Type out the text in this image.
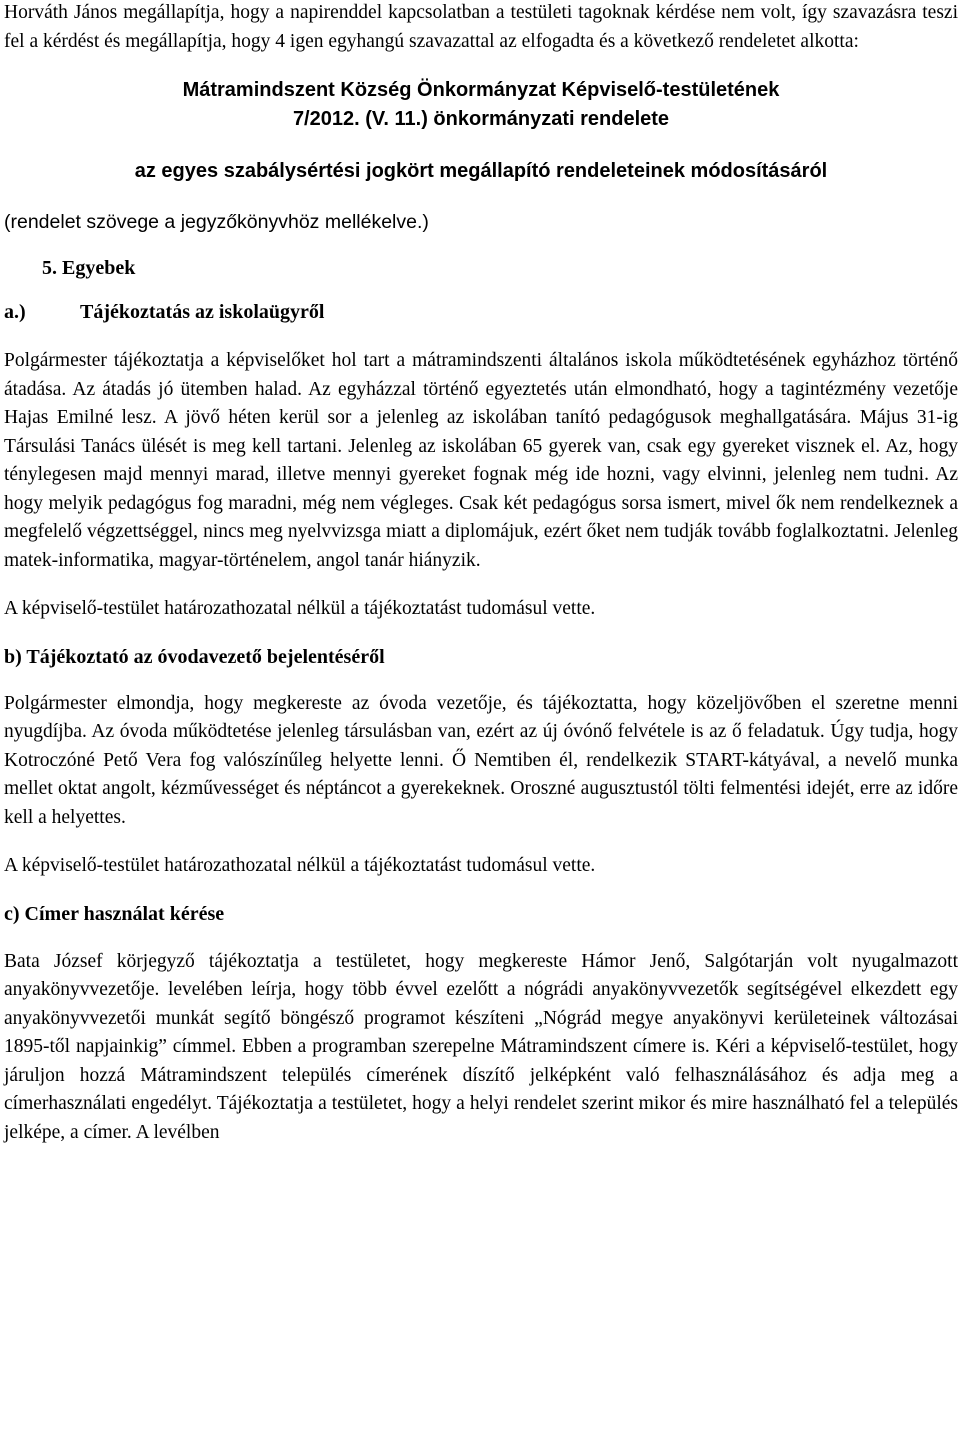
Horváth János megállapítja, hogy a napirenddel kapcsolatban a testületi tagoknak kérdése nem volt, így szavazásra teszi fel a kérdést és megállapítja, hogy 4 igen egyhangú szavazattal az elfogadta és a következő rendeletet alkotta:

Mátramindszent Község Önkormányzat Képviselő-testületének

7/2012. (V. 11.) önkormányzati rendelete

az egyes szabálysértési jogkört megállapító rendeleteinek módosításáról

(rendelet szövege a jegyzőkönyvhöz mellékelve.)

5. Egyebek

a.)	Tájékoztatás az iskolaügyről

Polgármester tájékoztatja a képviselőket hol tart a mátramindszenti általános iskola működtetésének egyházhoz történő átadása. Az átadás jó ütemben halad. Az egyházzal történő egyeztetés után elmondható, hogy a tagintézmény vezetője Hajas Emilné lesz. A jövő héten kerül sor a jelenleg az iskolában tanító pedagógusok meghallgatására. Május 31-ig Társulási Tanács ülését is meg kell tartani. Jelenleg az iskolában 65 gyerek van, csak egy gyereket visznek el. Az, hogy ténylegesen majd mennyi marad, illetve mennyi gyereket fognak még ide hozni, vagy elvinni, jelenleg nem tudni. Az hogy melyik pedagógus fog maradni, még nem végleges. Csak két pedagógus sorsa ismert, mivel ők nem rendelkeznek a megfelelő végzettséggel, nincs meg nyelvvizsga miatt a diplomájuk, ezért őket nem tudják tovább foglalkoztatni. Jelenleg matek-informatika, magyar-történelem, angol tanár hiányzik.

A képviselő-testület határozathozatal nélkül a tájékoztatást tudomásul vette.

b) Tájékoztató az óvodavezető bejelentéséről

Polgármester elmondja, hogy megkereste az óvoda vezetője, és tájékoztatta, hogy közeljövőben el szeretne menni nyugdíjba. Az óvoda működtetése jelenleg társulásban van, ezért az új óvónő felvétele is az ő feladatuk. Úgy tudja, hogy Kotroczóné Pető Vera fog valószínűleg helyette lenni. Ő Nemtiben él, rendelkezik START-kátyával, a nevelő munka mellet oktat angolt, kézművességet és néptáncot a gyerekeknek. Oroszné augusztustól tölti felmentési idejét, erre az időre kell a helyettes.

A képviselő-testület határozathozatal nélkül a tájékoztatást tudomásul vette.

c) Címer használat kérése

Bata József körjegyző tájékoztatja a testületet, hogy megkereste Hámor Jenő, Salgótarján volt nyugalmazott anyakönyvvezetője. levelében leírja, hogy több évvel ezelőtt a nógrádi anyakönyvvezetők segítségével elkezdett egy anyakönyvvezetői munkát segítő böngésző programot készíteni „Nógrád megye anyakönyvi kerületeinek változásai 1895-től napjainkig” címmel. Ebben a programban szerepelne Mátramindszent címere is. Kéri a képviselő-testület, hogy járuljon hozzá Mátramindszent település címerének díszítő jelképként való felhasználásához és adja meg a címerhasználati engedélyt. Tájékoztatja a testületet, hogy a helyi rendelet szerint mikor és mire használható fel a település jelképe, a címer. A levélben
